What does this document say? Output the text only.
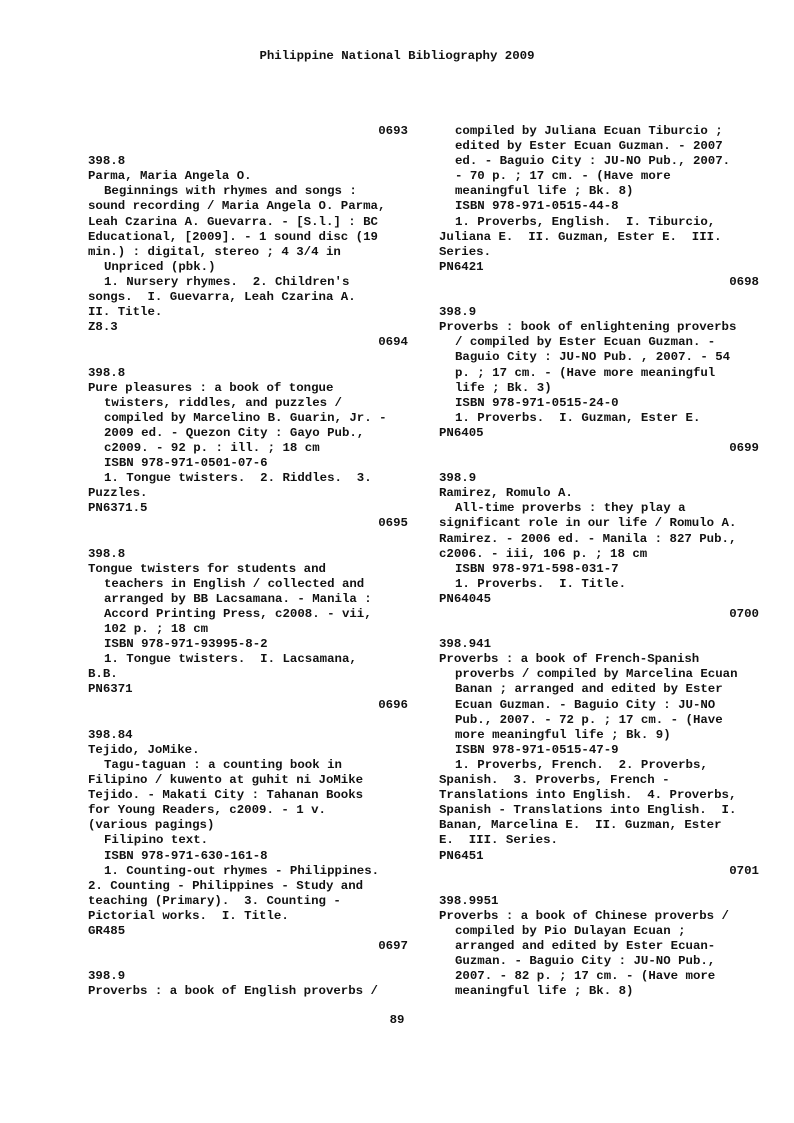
Philippine National Bibliography 2009
0693
398.8
Parma, Maria Angela O.
Beginnings with rhymes and songs :
sound recording / Maria Angela O. Parma,
Leah Czarina A. Guevarra. - [S.l.] : BC
Educational, [2009]. - 1 sound disc (19
min.) : digital, stereo ; 4 3/4 in
Unpriced (pbk.)
1. Nursery rhymes.  2. Children's
songs.  I. Guevarra, Leah Czarina A.
II. Title.
Z8.3
0694
398.8
Pure pleasures : a book of tongue
twisters, riddles, and puzzles /
compiled by Marcelino B. Guarin, Jr. -
2009 ed. - Quezon City : Gayo Pub.,
c2009. - 92 p. : ill. ; 18 cm
ISBN 978-971-0501-07-6
1. Tongue twisters.  2. Riddles.  3.
Puzzles.
PN6371.5
0695
398.8
Tongue twisters for students and
teachers in English / collected and
arranged by BB Lacsamana. - Manila :
Accord Printing Press, c2008. - vii,
102 p. ; 18 cm
ISBN 978-971-93995-8-2
1. Tongue twisters.  I. Lacsamana,
B.B.
PN6371
0696
398.84
Tejido, JoMike.
Tagu-taguan : a counting book in
Filipino / kuwento at guhit ni JoMike
Tejido. - Makati City : Tahanan Books
for Young Readers, c2009. - 1 v.
(various pagings)
Filipino text.
ISBN 978-971-630-161-8
1. Counting-out rhymes - Philippines.
2. Counting - Philippines - Study and
teaching (Primary).  3. Counting -
Pictorial works.  I. Title.
GR485
0697
398.9
Proverbs : a book of English proverbs /
compiled by Juliana Ecuan Tiburcio ;
edited by Ester Ecuan Guzman. - 2007
ed. - Baguio City : JU-NO Pub., 2007.
- 70 p. ; 17 cm. - (Have more
meaningful life ; Bk. 8)
ISBN 978-971-0515-44-8
1. Proverbs, English.  I. Tiburcio,
Juliana E.  II. Guzman, Ester E.  III.
Series.
PN6421
0698
398.9
Proverbs : book of enlightening proverbs
/ compiled by Ester Ecuan Guzman. -
Baguio City : JU-NO Pub. , 2007. - 54
p. ; 17 cm. - (Have more meaningful
life ; Bk. 3)
ISBN 978-971-0515-24-0
1. Proverbs.  I. Guzman, Ester E.
PN6405
0699
398.9
Ramirez, Romulo A.
All-time proverbs : they play a
significant role in our life / Romulo A.
Ramirez. - 2006 ed. - Manila : 827 Pub.,
c2006. - iii, 106 p. ; 18 cm
ISBN 978-971-598-031-7
1. Proverbs.  I. Title.
PN64045
0700
398.941
Proverbs : a book of French-Spanish
proverbs / compiled by Marcelina Ecuan
Banan ; arranged and edited by Ester
Ecuan Guzman. - Baguio City : JU-NO
Pub., 2007. - 72 p. ; 17 cm. - (Have
more meaningful life ; Bk. 9)
ISBN 978-971-0515-47-9
1. Proverbs, French.  2. Proverbs,
Spanish.  3. Proverbs, French -
Translations into English.  4. Proverbs,
Spanish - Translations into English.  I.
Banan, Marcelina E.  II. Guzman, Ester
E.  III. Series.
PN6451
0701
398.9951
Proverbs : a book of Chinese proverbs /
compiled by Pio Dulayan Ecuan ;
arranged and edited by Ester Ecuan-
Guzman. - Baguio City : JU-NO Pub.,
2007. - 82 p. ; 17 cm. - (Have more
meaningful life ; Bk. 8)
89
